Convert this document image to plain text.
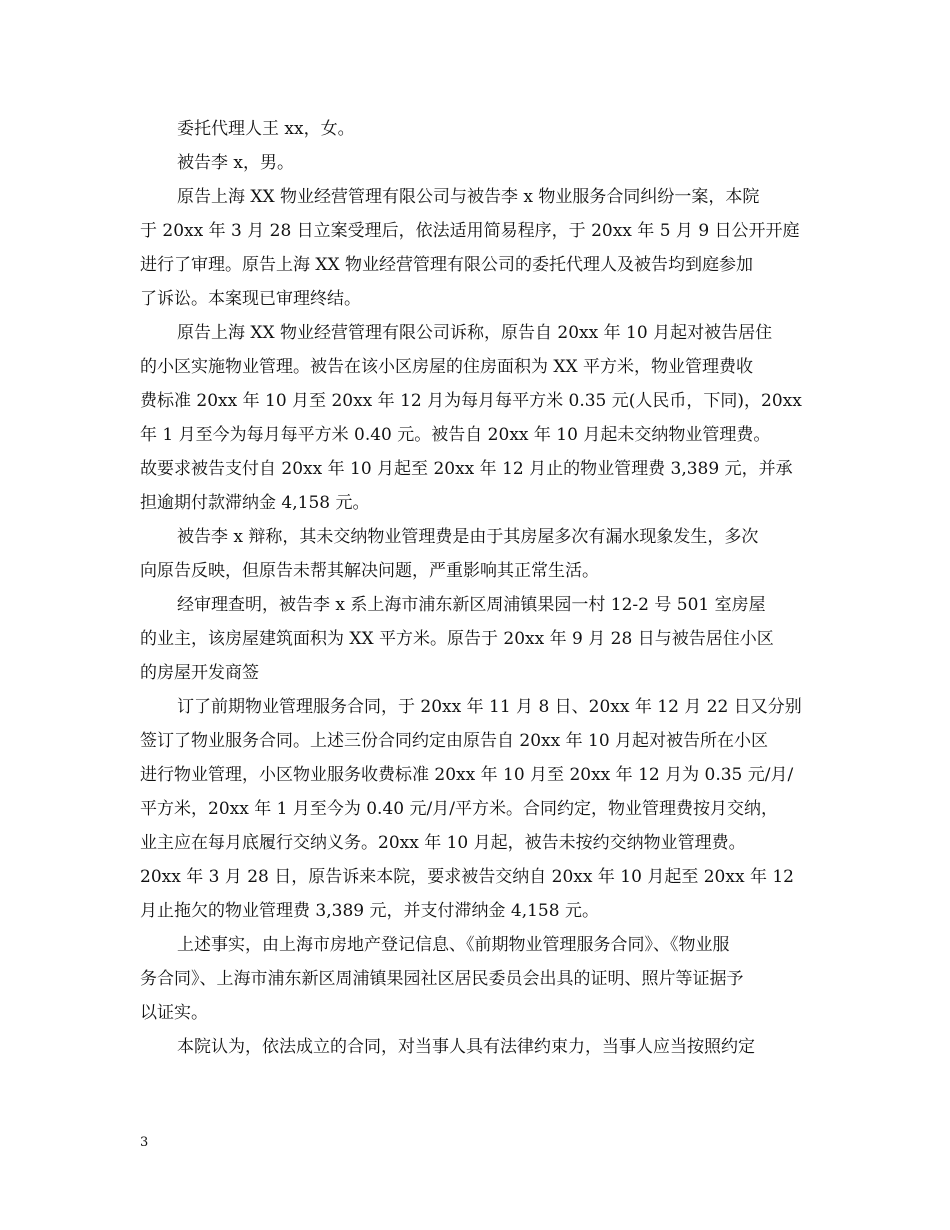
委托代理人王 xx，女。
被告李 x，男。
原告上海 XX 物业经营管理有限公司与被告李 x 物业服务合同纠纷一案，本院
于 20xx 年 3 月 28 日立案受理后，依法适用简易程序，于 20xx 年 5 月 9 日公开开庭
进行了审理。原告上海 XX 物业经营管理有限公司的委托代理人及被告均到庭参加
了诉讼。本案现已审理终结。
原告上海 XX 物业经营管理有限公司诉称，原告自 20xx 年 10 月起对被告居住
的小区实施物业管理。被告在该小区房屋的住房面积为 XX 平方米，物业管理费收
费标准 20xx 年 10 月至 20xx 年 12 月为每月每平方米 0.35 元(人民币，下同)，20xx
年 1 月至今为每月每平方米 0.40 元。被告自 20xx 年 10 月起未交纳物业管理费。
故要求被告支付自 20xx 年 10 月起至 20xx 年 12 月止的物业管理费 3,389 元，并承
担逾期付款滞纳金 4,158 元。
被告李 x 辩称，其未交纳物业管理费是由于其房屋多次有漏水现象发生，多次
向原告反映，但原告未帮其解决问题，严重影响其正常生活。
经审理查明，被告李 x 系上海市浦东新区周浦镇果园一村 12-2 号 501 室房屋
的业主，该房屋建筑面积为 XX 平方米。原告于 20xx 年 9 月 28 日与被告居住小区
的房屋开发商签
订了前期物业管理服务合同，于 20xx 年 11 月 8 日、20xx 年 12 月 22 日又分别
签订了物业服务合同。上述三份合同约定由原告自 20xx 年 10 月起对被告所在小区
进行物业管理，小区物业服务收费标准 20xx 年 10 月至 20xx 年 12 月为 0.35 元/月/
平方米，20xx 年 1 月至今为 0.40 元/月/平方米。合同约定，物业管理费按月交纳，
业主应在每月底履行交纳义务。20xx 年 10 月起，被告未按约交纳物业管理费。
20xx 年 3 月 28 日，原告诉来本院，要求被告交纳自 20xx 年 10 月起至 20xx 年 12
月止拖欠的物业管理费 3,389 元，并支付滞纳金 4,158 元。
上述事实，由上海市房地产登记信息、《前期物业管理服务合同》、《物业服
务合同》、上海市浦东新区周浦镇果园社区居民委员会出具的证明、照片等证据予
以证实。
本院认为，依法成立的合同，对当事人具有法律约束力，当事人应当按照约定
3
